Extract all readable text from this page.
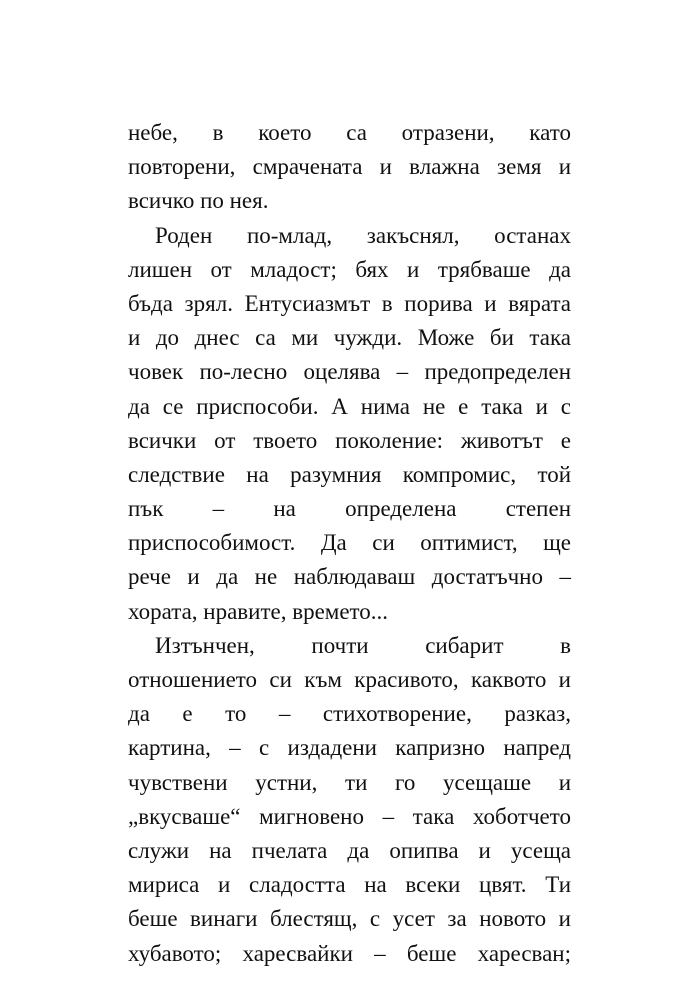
небе, в което са отразени, като
повторени, смрачената и влажна земя и
всичко по нея.
Роден по-млад, закъснял, останах
лишен от младост; бях и трябваше да
бъда зрял. Ентусиазмът в порива и вярата
и до днес са ми чужди. Може би така
човек по-лесно оцелява – предопределен
да се приспособи. А нима не е така и с
всички от твоето поколение: животът е
следствие на разумния компромис, той
пък – на определена степен
приспособимост. Да си оптимист, ще
рече и да не наблюдаваш достатъчно –
хората, нравите, времето...
Изтънчен, почти сибарит в
отношението си към красивото, каквото и
да е то – стихотворение, разказ,
картина, – с издадени капризно напред
чувствени устни, ти го усещаше и
„вкусваше“ мигновено – така хоботчето
служи на пчелата да опипва и усеща
мириса и сладостта на всеки цвят. Ти
беше винаги блестящ, с усет за новото и
хубавото; харесвайки – беше харесван;
